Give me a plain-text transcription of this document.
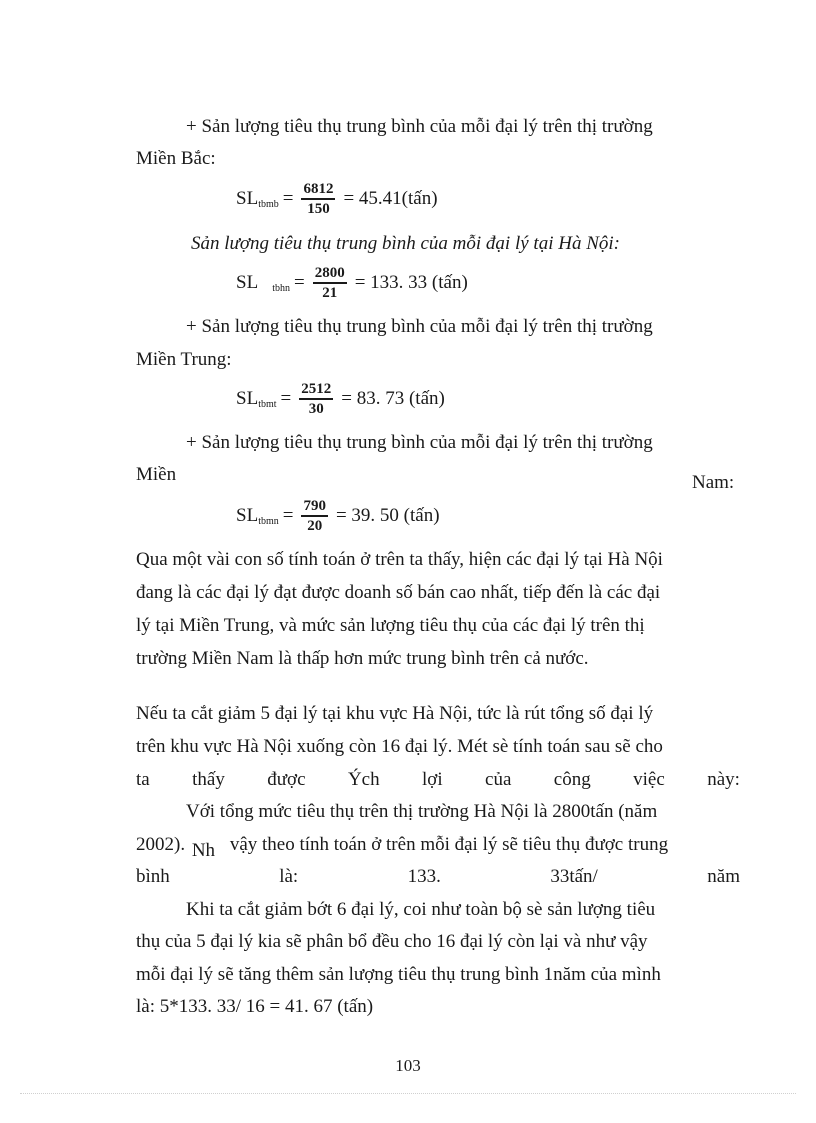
+ Sản lượng tiêu thụ trung bình của mỗi đại lý trên thị trường
Miền Bắc:
SL tbmb = $\frac{6812}{150}$ = 45.41(tấn)
Sản lượng tiêu thụ trung bình của mỗi đại lý tại Hà Nội:
SL tbhn = $\frac{2800}{21} = 133$. 33 (tấn)
+ Sản lượng tiêu thụ trung bình của mỗi đại lý trên thị trường
Miền Trung:
SL tbmt = $\frac{2512}{30} = 83$. 73 (tấn)
+ Sản lượng tiêu thụ trung bình của mỗi đại lý trên thị trường
Miền	Nam:
SL tbmn = $\frac{790}{20} = 39$. 50 (tấn)
Qua một vài con số tính toán ở trên ta thấy, hiện các đại lý tại Hà Nội
đang là các đại lý đạt được doanh số bán cao nhất, tiếp đến là các đại
lý tại Miền Trung, và mức sản lượng tiêu thụ của các đại lý trên thị
trường Miền Nam là thấp hơn mức trung bình trên cả nước.
Nếu ta cắt giảm 5 đại lý tại khu vực Hà Nội, tức là rút tổng số đại lý
trên khu vực Hà Nội xuống còn 16 đại lý. Mét sè tính toán sau sẽ cho
ta thấy được Ých lợi của công việc này:
Với tổng mức tiêu thụ trên thị trường Hà Nội là 2800tấn (năm
2002). Nh vậy theo tính toán ở trên mỗi đại lý sẽ tiêu thụ được trung
bình	là:	133.	33tấn/	năm
Khi ta cắt giảm bớt 6 đại lý, coi như toàn bộ sè sản lượng tiêu
thụ của 5 đại lý kia sẽ phân bổ đều cho 16 đại lý còn lại và như vậy
mỗi đại lý sẽ tăng thêm sản lượng tiêu thụ trung bình 1năm của mình
là: 5*133. 33/ 16 = 41. 67 (tấn)
103
